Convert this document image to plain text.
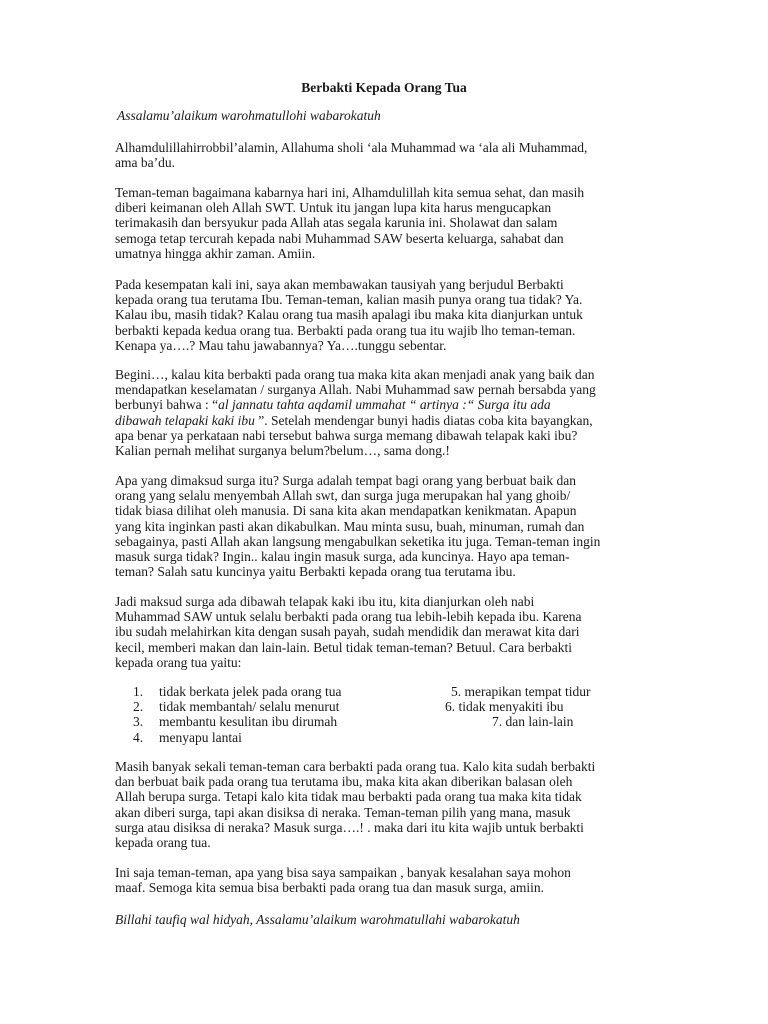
Berbakti Kepada Orang Tua
Assalamu’alaikum warohmatullohi wabarokatuh
Alhamdulillahirrobbil’alamin, Allahuma sholi ‘ala Muhammad wa ‘ala ali Muhammad,
ama ba’du.
Teman-teman bagaimana kabarnya hari ini, Alhamdulillah kita semua sehat, dan masih
diberi keimanan oleh Allah SWT. Untuk itu jangan lupa kita harus mengucapkan
terimakasih dan bersyukur pada Allah atas segala karunia ini. Sholawat dan salam
semoga tetap tercurah kepada nabi Muhammad SAW beserta keluarga, sahabat dan
umatnya hingga akhir zaman. Amiin.
Pada kesempatan kali ini, saya akan membawakan tausiyah yang berjudul Berbakti
kepada orang tua terutama Ibu. Teman-teman, kalian masih punya orang tua tidak? Ya.
Kalau ibu, masih tidak? Kalau orang tua masih apalagi ibu maka kita dianjurkan untuk
berbakti kepada kedua orang tua. Berbakti pada orang tua itu wajib lho teman-teman.
Kenapa ya….? Mau tahu jawabannya? Ya….tunggu sebentar.
Begini…, kalau kita berbakti pada orang tua maka kita akan menjadi anak yang baik dan
mendapatkan keselamatan / surganya Allah. Nabi Muhammad saw pernah bersabda yang
berbunyi bahwa : “al jannatu tahta aqdamil ummahat “ artinya :“ Surga itu ada
dibawah telapaki kaki ibu ”. Setelah mendengar bunyi hadis diatas coba kita bayangkan,
apa benar ya perkataan nabi tersebut bahwa surga memang dibawah telapak kaki ibu?
Kalian pernah melihat surganya belum?belum…, sama dong.!
Apa yang dimaksud surga itu? Surga adalah tempat bagi orang yang berbuat baik dan
orang yang selalu menyembah Allah swt, dan surga juga merupakan hal yang ghoib/
tidak biasa dilihat oleh manusia. Di sana kita akan mendapatkan kenikmatan. Apapun
yang kita inginkan pasti akan dikabulkan. Mau minta susu, buah, minuman, rumah dan
sebagainya, pasti Allah akan langsung mengabulkan seketika itu juga. Teman-teman ingin
masuk surga tidak? Ingin.. kalau ingin masuk surga, ada kuncinya. Hayo apa teman-
teman? Salah satu kuncinya yaitu Berbakti kepada orang tua terutama ibu.
Jadi maksud surga ada dibawah telapak kaki ibu itu, kita dianjurkan oleh nabi
Muhammad SAW untuk selalu berbakti pada orang tua lebih-lebih kepada ibu. Karena
ibu sudah melahirkan kita dengan susah payah, sudah mendidik dan merawat kita dari
kecil, memberi makan dan lain-lain. Betul tidak teman-teman? Betuul. Cara berbakti
kepada orang tua yaitu:
1. tidak berkata jelek pada orang tua	5. merapikan tempat tidur
2. tidak membantah/ selalu menurut	6. tidak menyakiti ibu
3. membantu kesulitan ibu dirumah	7. dan lain-lain
4. menyapu lantai
Masih banyak sekali teman-teman cara berbakti pada orang tua. Kalo kita sudah berbakti
dan berbuat baik pada orang tua terutama ibu, maka kita akan diberikan balasan oleh
Allah berupa surga. Tetapi kalo kita tidak mau berbakti pada orang tua maka kita tidak
akan diberi surga, tapi akan disiksa di neraka. Teman-teman pilih yang mana, masuk
surga atau disiksa di neraka? Masuk surga….! . maka dari itu kita wajib untuk berbakti
kepada orang tua.
Ini saja teman-teman, apa yang bisa saya sampaikan , banyak kesalahan saya mohon
maaf. Semoga kita semua bisa berbakti pada orang tua dan masuk surga, amiin.
Billahi taufiq wal hidyah, Assalamu’alaikum warohmatullahi wabarokatuh
